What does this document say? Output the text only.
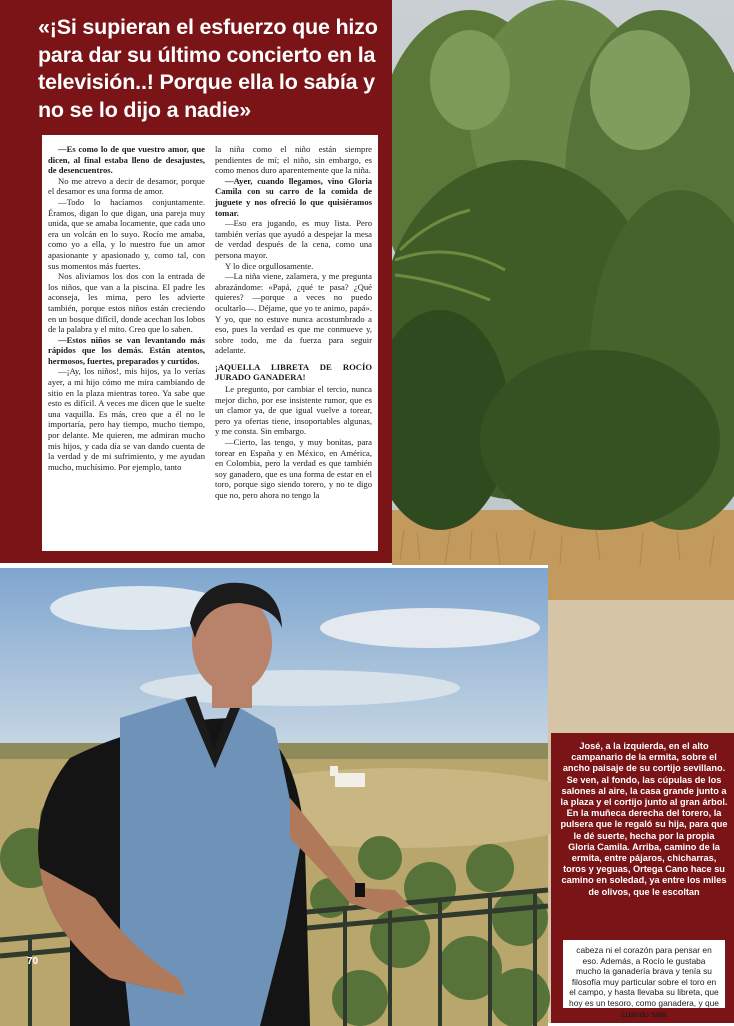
«¡Si supieran el esfuerzo que hizo para dar su último concierto en la televisión..! Porque ella lo sabía y no se lo dijo a nadie»

—Es como lo de que vuestro amor, que dicen, al final estaba lleno de desajustes, de desencuentros.

No me atrevo a decir de desamor, porque el desamor es una forma de amor.

—Todo lo hacíamos conjuntamente. Éramos, digan lo que digan, una pareja muy unida, que se amaba locamente, que cada uno era un volcán en lo suyo. Rocío me amaba, como yo a ella, y lo nuestro fue un amor apasionante y apasionado y, como tal, con sus momentos más fuertes.

Nos aliviamos los dos con la entrada de los niños, que van a la piscina. El padre les aconseja, les mima, pero les advierte también, porque estos niños están creciendo en un bosque difícil, donde acechan los lobos de la palabra y el mito. Creo que lo saben.

—Estos niños se van levantando más rápidos que los demás. Están atentos, hermosos, fuertes, preparados y curtidos.

—¡Ay, los niños!, mis hijos, ya lo verías ayer, a mi hijo cómo me mira cambiando de sitio en la plaza mientras toreo. Ya sabe que esto es difícil. A veces me dicen que le suelte una vaquilla. Es más, creo que a él no le importaría, pero hay tiempo, mucho tiempo, por delante. Me quieren, me admiran mucho mis hijos, y cada día se van dando cuenta de la verdad y de mi sufrimiento, y me ayudan mucho, muchísimo. Por ejemplo, tanto

la niña como el niño están siempre pendientes de mí; el niño, sin embargo, es como menos duro aparentemente que la niña.

—Ayer, cuando llegamos, vino Gloria Camila con su carro de la comida de juguete y nos ofreció lo que quisiéramos tomar.

—Eso era jugando, es muy lista. Pero también verías que ayudó a despejar la mesa de verdad después de la cena, como una persona mayor.

Y lo dice orgullosamente.

—La niña viene, zalamera, y me pregunta abrazándome: «Papá, ¿qué te pasa? ¿Qué quieres? —porque a veces no puedo ocultarlo—. Déjame, que yo te animo, papá». Y yo, que no estuve nunca acostumbrado a eso, pues la verdad es que me conmueve y, sobre todo, me da fuerza para seguir adelante.

¡AQUELLA LIBRETA DE ROCÍO JURADO GANADERA!

Le pregunto, por cambiar el tercio, nunca mejor dicho, por ese insistente rumor, que es un clamor ya, de que igual vuelve a torear, pero ya ofertas tiene, insoportables algunas, y me consta. Sin embargo.

—Cierto, las tengo, y muy bonitas, para torear en España y en México, en América, en Colombia, pero la verdad es que también soy ganadero, que es una forma de estar en el toro, porque sigo siendo torero, y no te digo que no, pero ahora no tengo la

70

José, a la izquierda, en el alto campanario de la ermita, sobre el ancho paisaje de su cortijo sevillano. Se ven, al fondo, las cúpulas de los salones al aire, la casa grande junto a la plaza y el cortijo junto al gran árbol. En la muñeca derecha del torero, la pulsera que le regaló su hija, para que le dé suerte, hecha por la propia Gloria Camila. Arriba, camino de la ermita, entre pájaros, chicharras, toros y yeguas, Ortega Cano hace su camino en soledad, ya entre los miles de olivos, que le escoltan

cabeza ni el corazón para pensar en eso. Además, a Rocío le gustaba mucho la ganadería brava y tenía su filosofía muy particular sobre el toro en el campo, y hasta llevaba su libreta, que hoy es un tesoro, como ganadera, y que cuando sale
